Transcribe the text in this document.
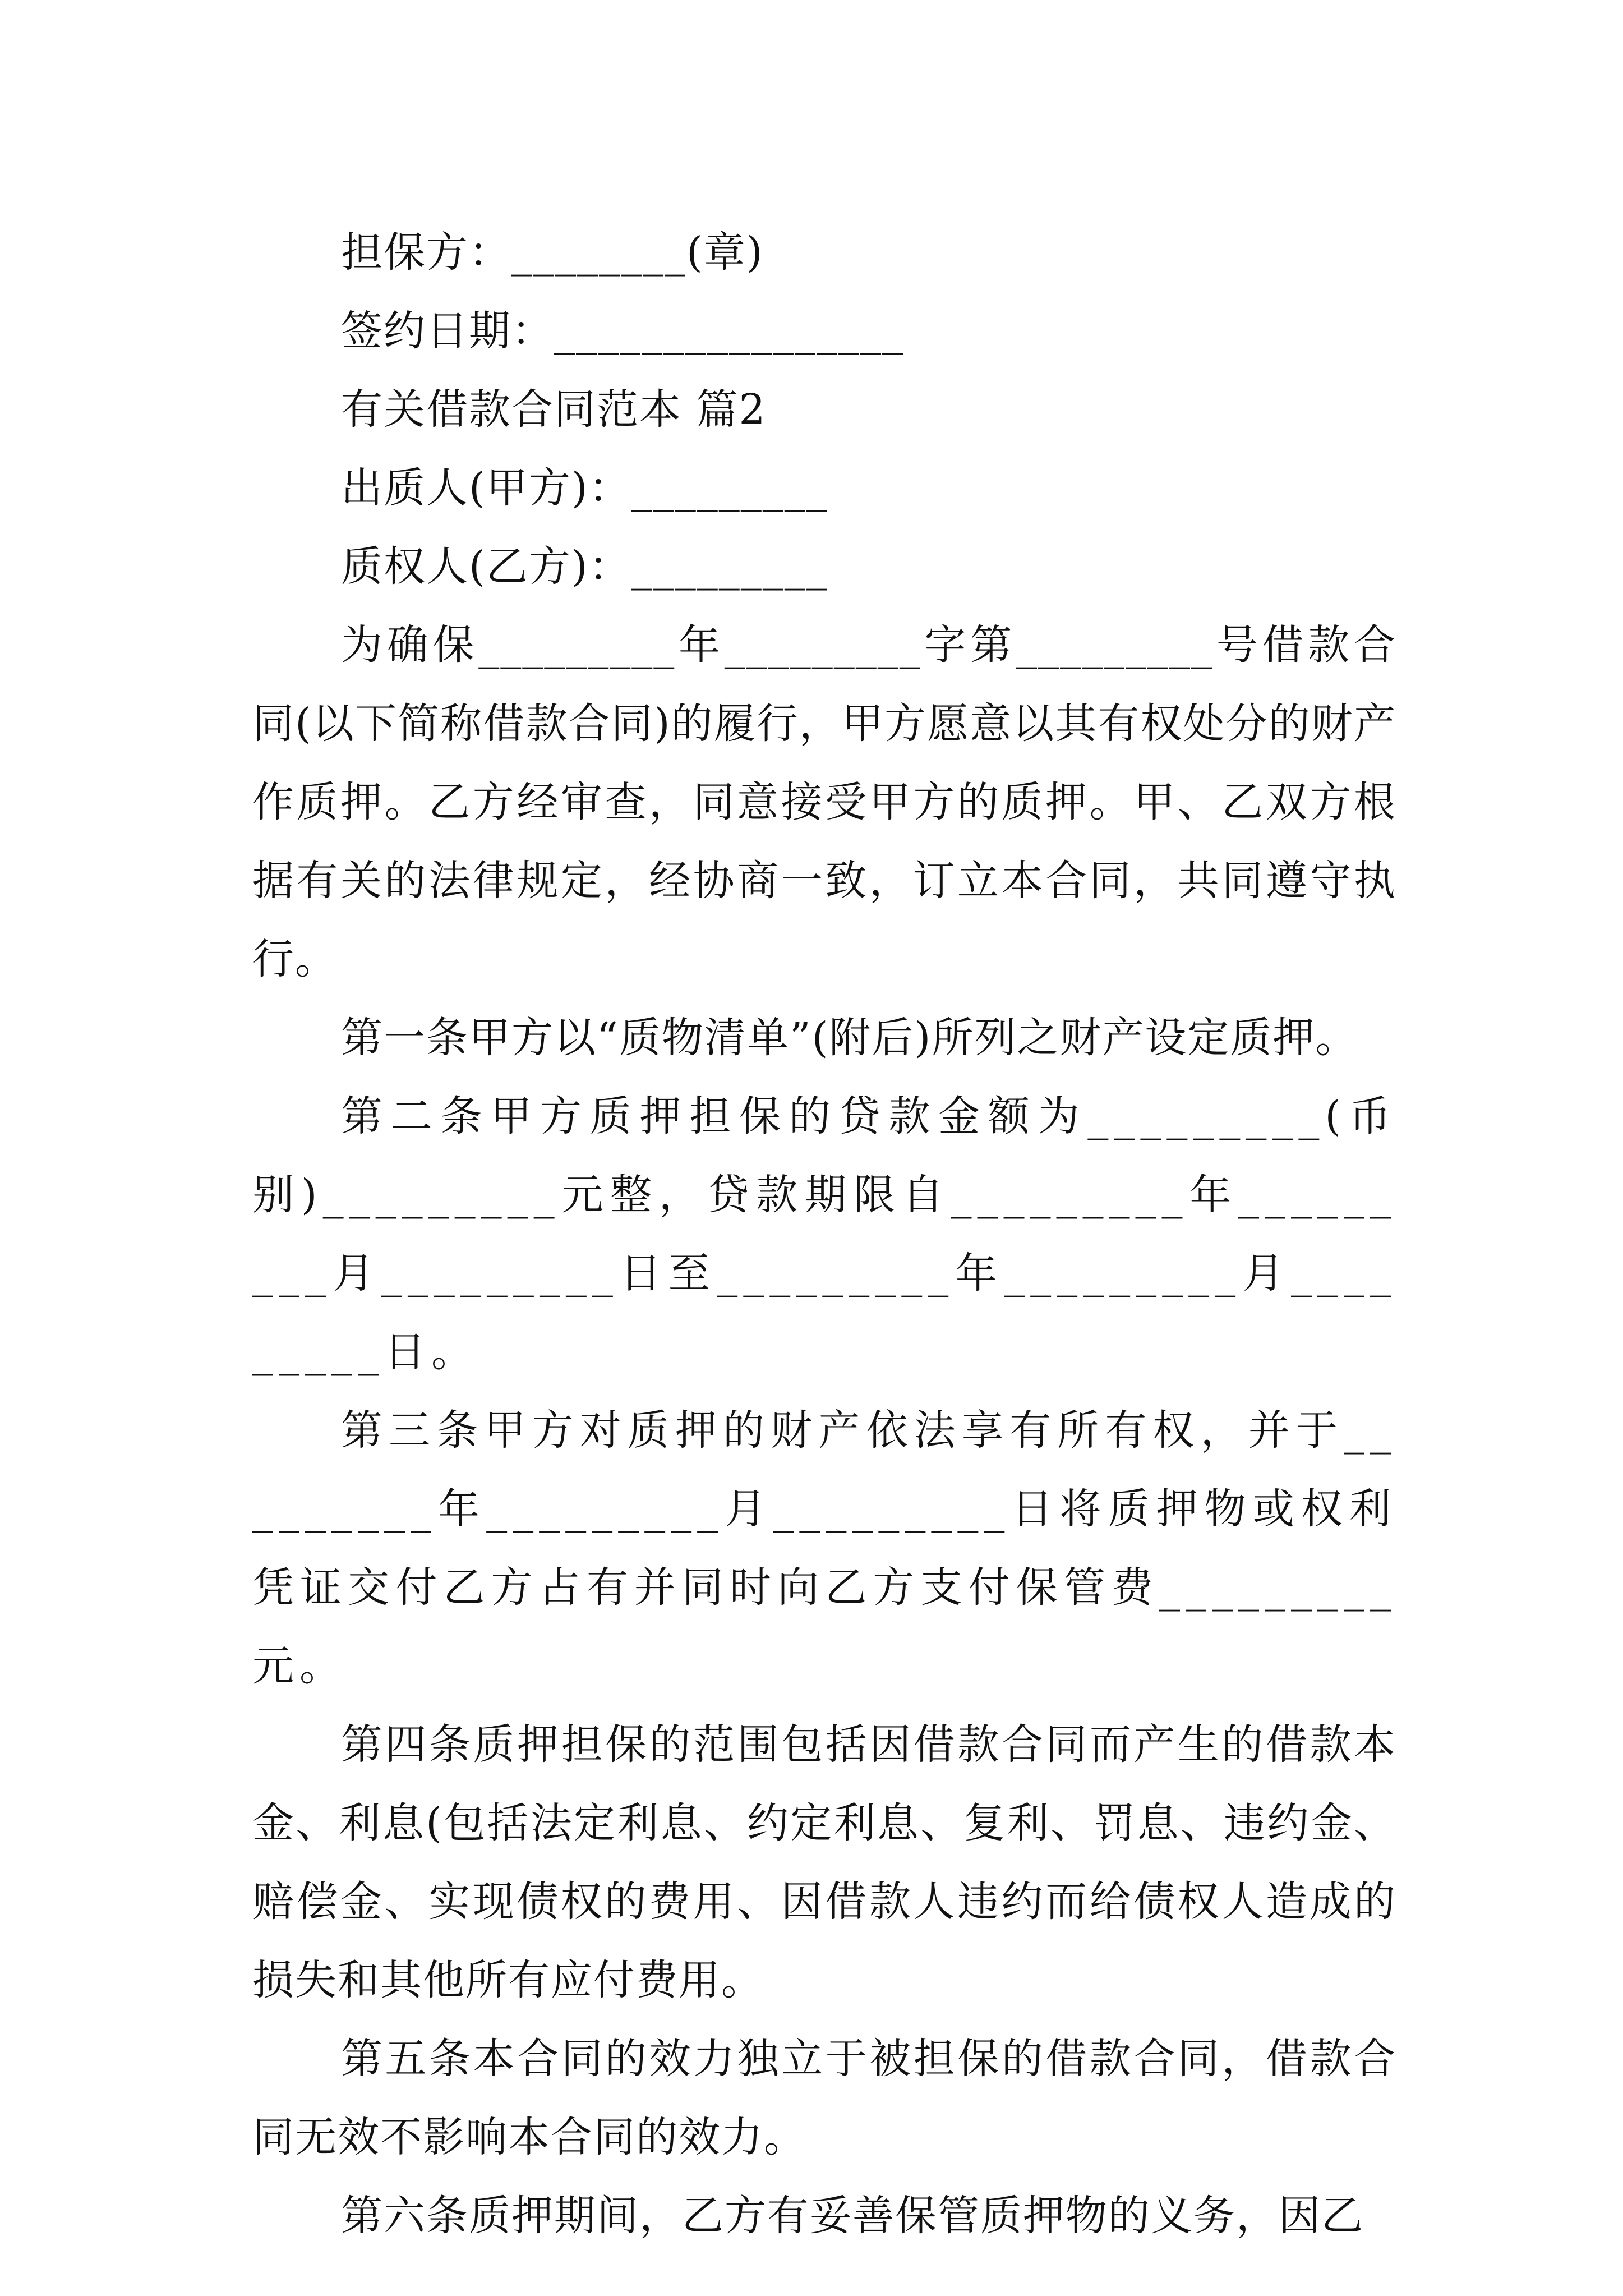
担保方：________(章)
签约日期：________________
有关借款合同范本 篇2
出质人(甲方)：_________
质权人(乙方)：_________
为确保_________年_________字第_________号借款合同(以下简称借款合同)的履行，甲方愿意以其有权处分的财产作质押。乙方经审查，同意接受甲方的质押。甲、乙双方根据有关的法律规定，经协商一致，订立本合同，共同遵守执行。
第一条甲方以“质物清单”(附后)所列之财产设定质押。
第二条甲方质押担保的贷款金额为_________(币别)_________元整，贷款期限自_________年_________月_________日至_________年_________月_________日。
第三条甲方对质押的财产依法享有所有权，并于_________年_________月_________日将质押物或权利凭证交付乙方占有并同时向乙方支付保管费_________元。
第四条质押担保的范围包括因借款合同而产生的借款本金、利息(包括法定利息、约定利息、复利、罚息、违约金、赔偿金、实现债权的费用、因借款人违约而给债权人造成的损失和其他所有应付费用。
第五条本合同的效力独立于被担保的借款合同，借款合同无效不影响本合同的效力。
第六条质押期间，乙方有妥善保管质押物的义务，因乙
